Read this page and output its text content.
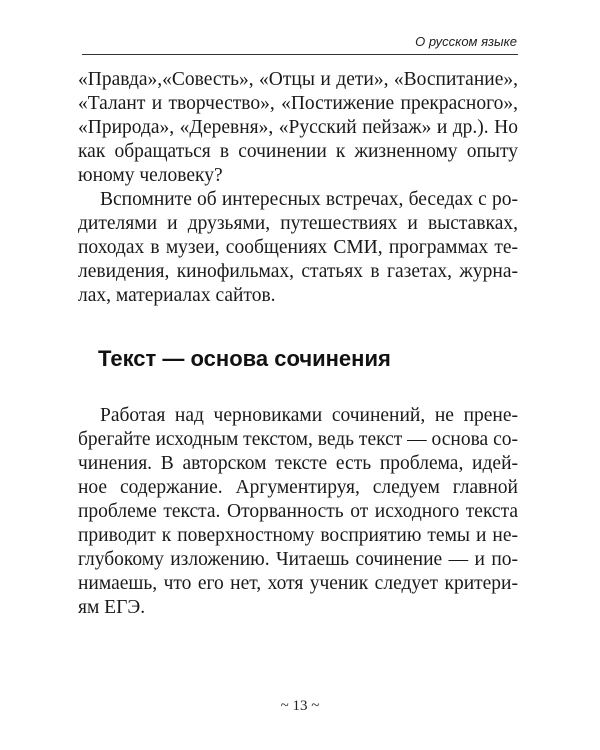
О русском языке
«Правда»,«Совесть», «Отцы и дети», «Воспитание»,
«Талант и творчество», «Постижение прекрасного»,
«Природа», «Деревня», «Русский пейзаж» и др.). Но
как обращаться в сочинении к жизненному опыту
юному человеку?
Вспомните об интересных встречах, беседах с ро-
дителями и друзьями, путешествиях и выставках,
походах в музеи, сообщениях СМИ, программах те-
левидения, кинофильмах, статьях в газетах, журна-
лах, материалах сайтов.
Текст — основа сочинения
Работая над черновиками сочинений, не прене-
брегайте исходным текстом, ведь текст — основа со-
чинения. В авторском тексте есть проблема, идей-
ное содержание. Аргументируя, следуем главной
проблеме текста. Оторванность от исходного текста
приводит к поверхностному восприятию темы и не-
глубокому изложению. Читаешь сочинение — и по-
нимаешь, что его нет, хотя ученик следует критери-
ям ЕГЭ.
~ 13 ~
